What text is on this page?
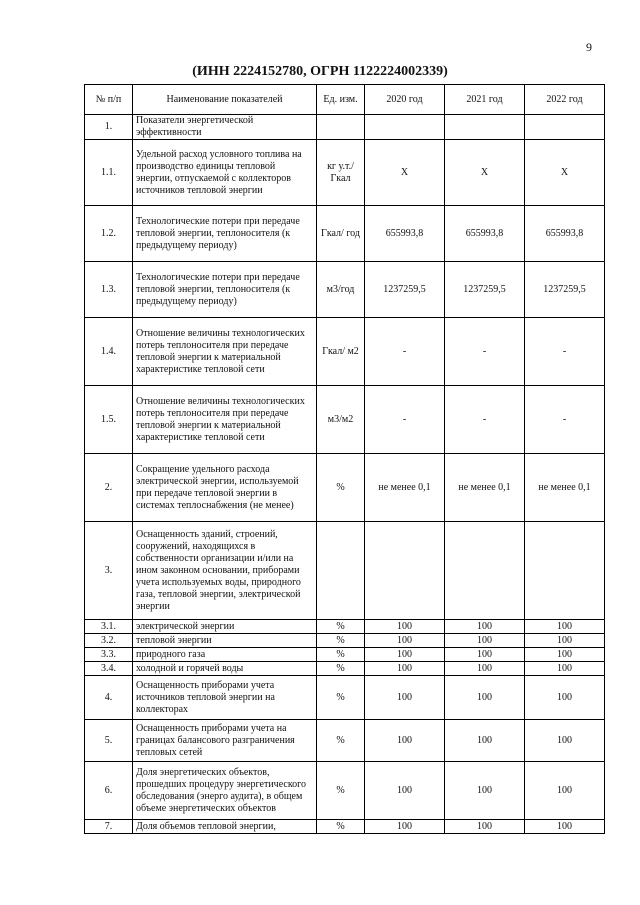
9
(ИНН 2224152780, ОГРН 1122224002339)
№ п/п	Наименование показателей	Ед. изм.	2020 год	2021 год	2022 год
1.	Показатели энергетической эффективности				
1.1.	Удельной расход условного топлива на производство единицы тепловой энергии, отпускаемой с коллекторов источников тепловой энергии	кг у.т./ Гкал	Х	Х	Х
1.2.	Технологические потери при передаче тепловой энергии, теплоносителя (к предыдущему периоду)	Гкал/ год	655993,8	655993,8	655993,8
1.3.	Технологические потери при передаче тепловой энергии, теплоносителя (к предыдущему периоду)	м3/год	1237259,5	1237259,5	1237259,5
1.4.	Отношение величины технологических потерь теплоносителя при передаче тепловой энергии к материальной характеристике тепловой сети	Гкал/ м2	-	-	-
1.5.	Отношение величины технологических потерь теплоносителя при передаче тепловой энергии к материальной характеристике тепловой сети	м3/м2	-	-	-
2.	Сокращение удельного расхода электрической энергии, используемой при передаче тепловой энергии в системах теплоснабжения (не менее)	%	не менее 0,1	не менее 0,1	не менее 0,1
3.	Оснащенность зданий, строений, сооружений, находящихся в собственности организации и/или на ином законном основании, приборами учета используемых воды, природного газа, тепловой энергии, электрической энергии				
3.1.	электрической энергии	%	100	100	100
3.2.	тепловой энергии	%	100	100	100
3.3.	природного газа	%	100	100	100
3.4.	холодной и горячей воды	%	100	100	100
4.	Оснащенность приборами учета источников тепловой энергии на коллекторах	%	100	100	100
5.	Оснащенность приборами учета на границах балансового разграничения тепловых сетей	%	100	100	100
6.	Доля энергетических объектов, прошедших процедуру энергетического обследования (энерго аудита), в общем объеме энергетических объектов	%	100	100	100
7.	Доля объемов тепловой энергии,	%	100	100	100
